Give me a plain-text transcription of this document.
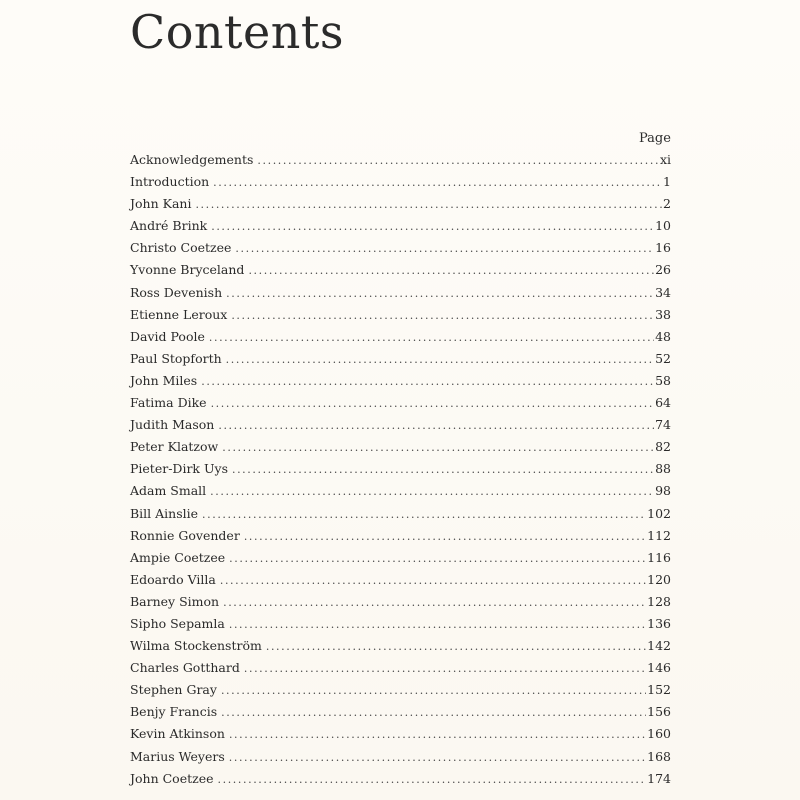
Contents
Page
Acknowledgements .....	xi
Introduction .....	1
John Kani .....	2
André Brink .....	10
Christo Coetzee .....	16
Yvonne Bryceland .....	26
Ross Devenish .....	34
Etienne Leroux .....	38
David Poole .....	48
Paul Stopforth .....	52
John Miles .....	58
Fatima Dike .....	64
Judith Mason .....	74
Peter Klatzow .....	82
Pieter-Dirk Uys .....	88
Adam Small .....	98
Bill Ainslie .....	102
Ronnie Govender .....	112
Ampie Coetzee .....	116
Edoardo Villa .....	120
Barney Simon .....	128
Sipho Sepamla .....	136
Wilma Stockenström .....	142
Charles Gotthard .....	146
Stephen Gray .....	152
Benjy Francis .....	156
Kevin Atkinson .....	160
Marius Weyers .....	168
John Coetzee .....	174
